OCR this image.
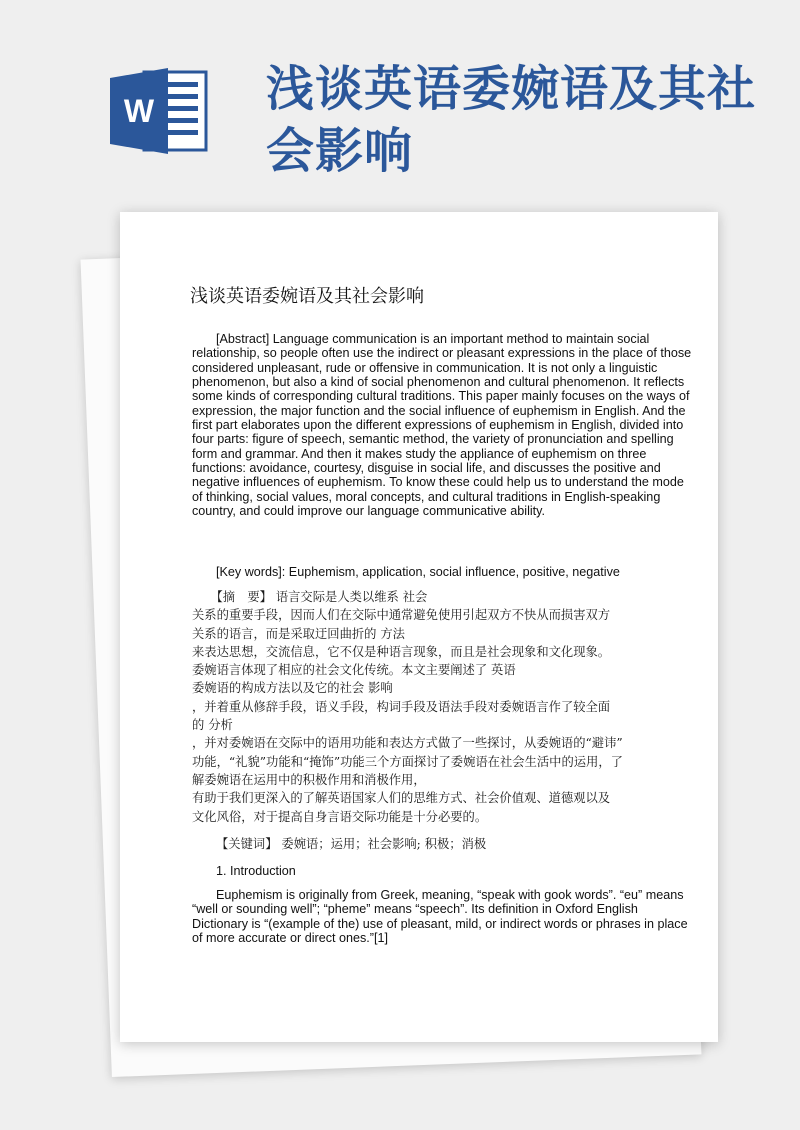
W 浅谈英语委婉语及其社
会影响
浅谈英语委婉语及其社会影响

[Abstract] Language communication is an important method to maintain social relationship, so people often use the indirect or pleasant expressions in the place of those considered unpleasant, rude or offensive in communication. It is not only a linguistic phenomenon, but also a kind of social phenomenon and cultural phenomenon. It reflects some kinds of corresponding cultural traditions. This paper mainly focuses on the ways of expression, the major function and the social influence of euphemism in English. And the first part elaborates upon the different expressions of euphemism in English, divided into four parts: figure of speech, semantic method, the variety of pronunciation and spelling form and grammar. And then it makes study the appliance of euphemism on three functions: avoidance, courtesy, disguise in social life, and discusses the positive and negative influences of euphemism. To know these could help us to understand the mode of thinking, social values, moral concepts, and cultural traditions in English-speaking country, and could improve our language communicative ability.

[Key words]: Euphemism, application, social influence, positive, negative

　　【摘　要】 语言交际是人类以维系 社会
关系的重要手段，因而人们在交际中通常避免使用引起双方不快从而损害双方
关系的语言，而是采取迂回曲折的 方法
来表达思想，交流信息，它不仅是种语言现象，而且是社会现象和文化现象。
委婉语言体现了相应的社会文化传统。本文主要阐述了 英语
委婉语的构成方法以及它的社会 影响
，并着重从修辞手段，语义手段，构词手段及语法手段对委婉语言作了较全面
的 分析
，并对委婉语在交际中的语用功能和表达方式做了一些探讨，从委婉语的“避讳”
功能，“礼貌”功能和“掩饰”功能三个方面探讨了委婉语在社会生活中的运用，了
解委婉语在运用中的积极作用和消极作用，
有助于我们更深入的了解英语国家人们的思维方式、社会价值观、道德观以及
文化风俗，对于提高自身言语交际功能是十分必要的。

【关键词】 委婉语；运用；社会影响; 积极；消极

1. Introduction

Euphemism is originally from Greek, meaning, “speak with gook words”. “eu” means “well or sounding well”; “pheme” means “speech”. Its definition in Oxford English Dictionary is “(example of the) use of pleasant, mild, or indirect words or phrases in place of more accurate or direct ones.”[1]
